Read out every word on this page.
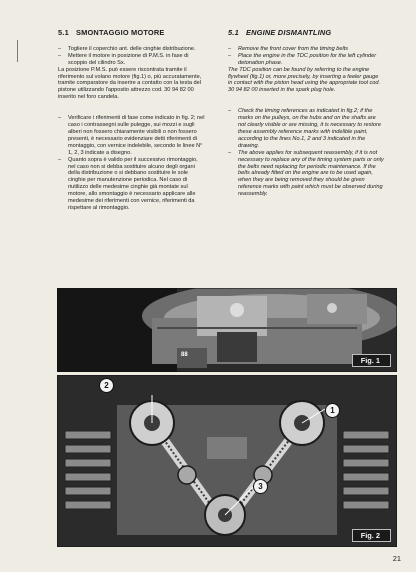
5.1 SMONTAGGIO MOTORE

– Togliere il coperchio ant. delle cinghie distribuzione.

– Mettere il motore in posizione di P.M.S. in fase di scoppio del cilindro Sx.

La posizione P.M.S. può essere riscontrata tramite il riferimento sul volano motore (fig.1) o, più accuratamente, tramite comparatore da inserire a contatto con la testa del pistone utilizzando l'apposito attrezzo cod. 30 94 82 00 inserito nel foro candela.

– Verificare i riferimenti di fase come indicato in fig. 2; nel caso i contrassegni sulle pulegge, sui mozzi e sugli alberi non fossero chiaramente visibili o non fossero presenti, è necessario evidenziare detti riferimenti di montaggio, con vernice indelebile, secondo le linee N° 1, 2, 3 indicate a disegno.

– Quanto sopra è valido per il successivo rimontaggio, nel caso non si debba sostituire alcuno degli organi della distribuzione o si debbano sostituire le sole cinghie per manutenzione periodica. Nel caso di riutilizzo delle medesime cinghie già montate sul motore, allo smontaggio è necessario applicare alle medesime dei riferimenti con vernice, riferimenti da rispettare al rimontaggio.

5.1 ENGINE DISMANTLING

– Remove the front cover from the timing belts

– Place the engine in the TDC position for the left cylinder detonation phase.

The TDC position can be found by referring to the engine flywheel (fig.1) or, more precisely, by inserting a feeler gauge in contact with the piston head using the appropriate tool cod. 30 94 82 00 inserted in the spark plug hole.

– Check the timing references as indicated in fig.2; if the marks on the pulleys, on the hubs and on the shafts are not clearly visible or are missing, it is necessary to restore these assembly reference marks with indelible paint, according to the lines No.1, 2 and 3 indicated in the drawing.

– The above applies for subsequent reassembly, if it is not necessary to replace any of the timing system parts or only the belts need replacing for periodic maintenance. If the belts already fitted on the engine are to be used again, when they are being removed they should be given reference marks with paint which must be observed during reassembly.

88
Fig. 1
2
1
3
Fig. 2
21
